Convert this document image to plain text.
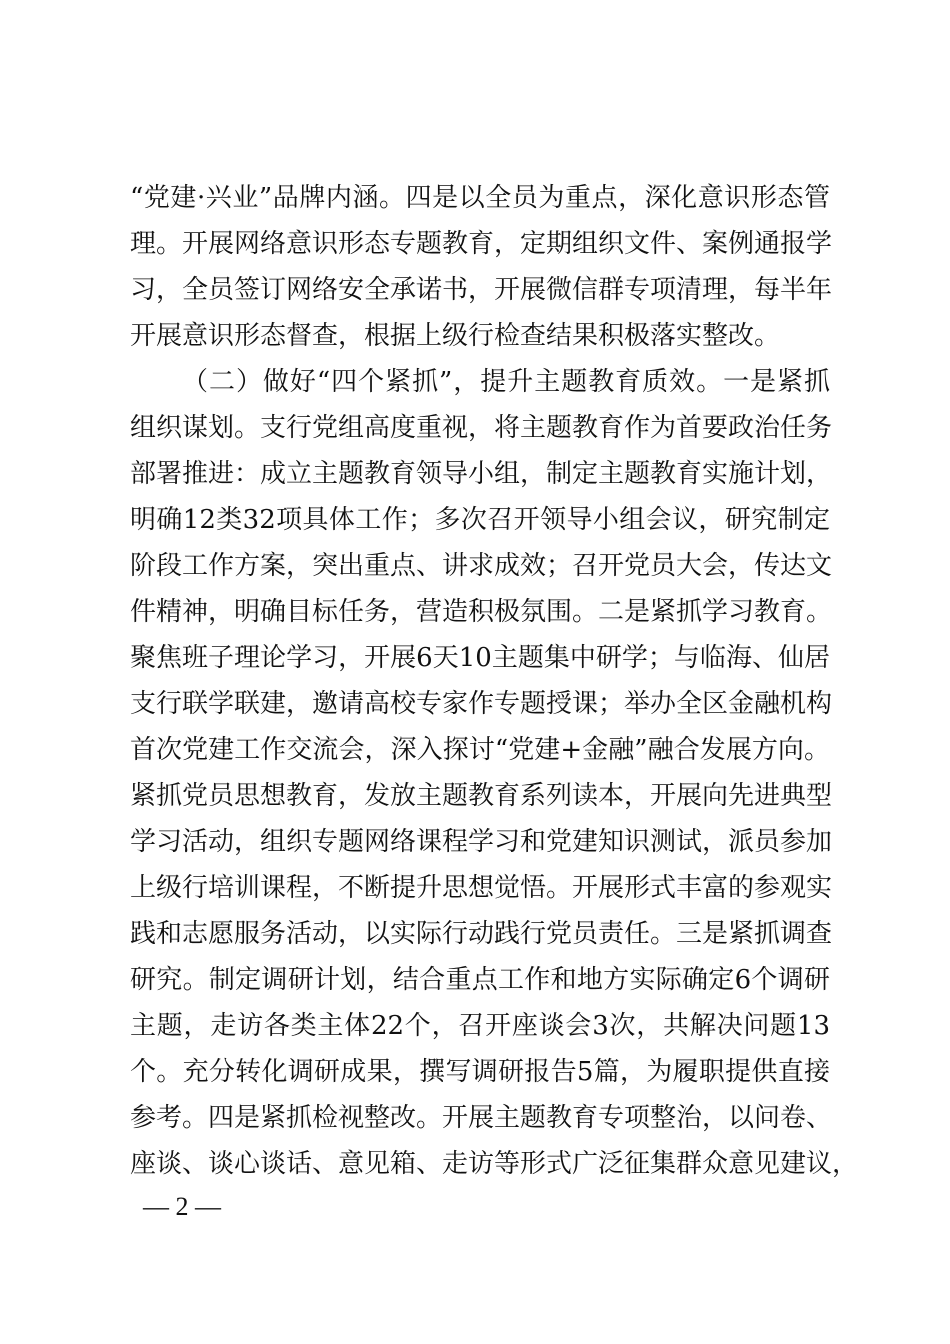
“党建·兴业”品牌内涵。四是以全员为重点，深化意识形态管
理。开展网络意识形态专题教育，定期组织文件、案例通报学
习，全员签订网络安全承诺书，开展微信群专项清理，每半年
开展意识形态督查，根据上级行检查结果积极落实整改。
（二）做好“四个紧抓”，提升主题教育质效。一是紧抓
组织谋划。支行党组高度重视，将主题教育作为首要政治任务
部署推进：成立主题教育领导小组，制定主题教育实施计划，
明确12类32项具体工作；多次召开领导小组会议，研究制定
阶段工作方案，突出重点、讲求成效；召开党员大会，传达文
件精神，明确目标任务，营造积极氛围。二是紧抓学习教育。
聚焦班子理论学习，开展6天10主题集中研学；与临海、仙居
支行联学联建，邀请高校专家作专题授课；举办全区金融机构
首次党建工作交流会，深入探讨“党建+金融”融合发展方向。
紧抓党员思想教育，发放主题教育系列读本，开展向先进典型
学习活动，组织专题网络课程学习和党建知识测试，派员参加
上级行培训课程，不断提升思想觉悟。开展形式丰富的参观实
践和志愿服务活动，以实际行动践行党员责任。三是紧抓调查
研究。制定调研计划，结合重点工作和地方实际确定6个调研
主题，走访各类主体22个，召开座谈会3次，共解决问题13
个。充分转化调研成果，撰写调研报告5篇，为履职提供直接
参考。四是紧抓检视整改。开展主题教育专项整治，以问卷、
座谈、谈心谈话、意见箱、走访等形式广泛征集群众意见建议，
— 2 —
